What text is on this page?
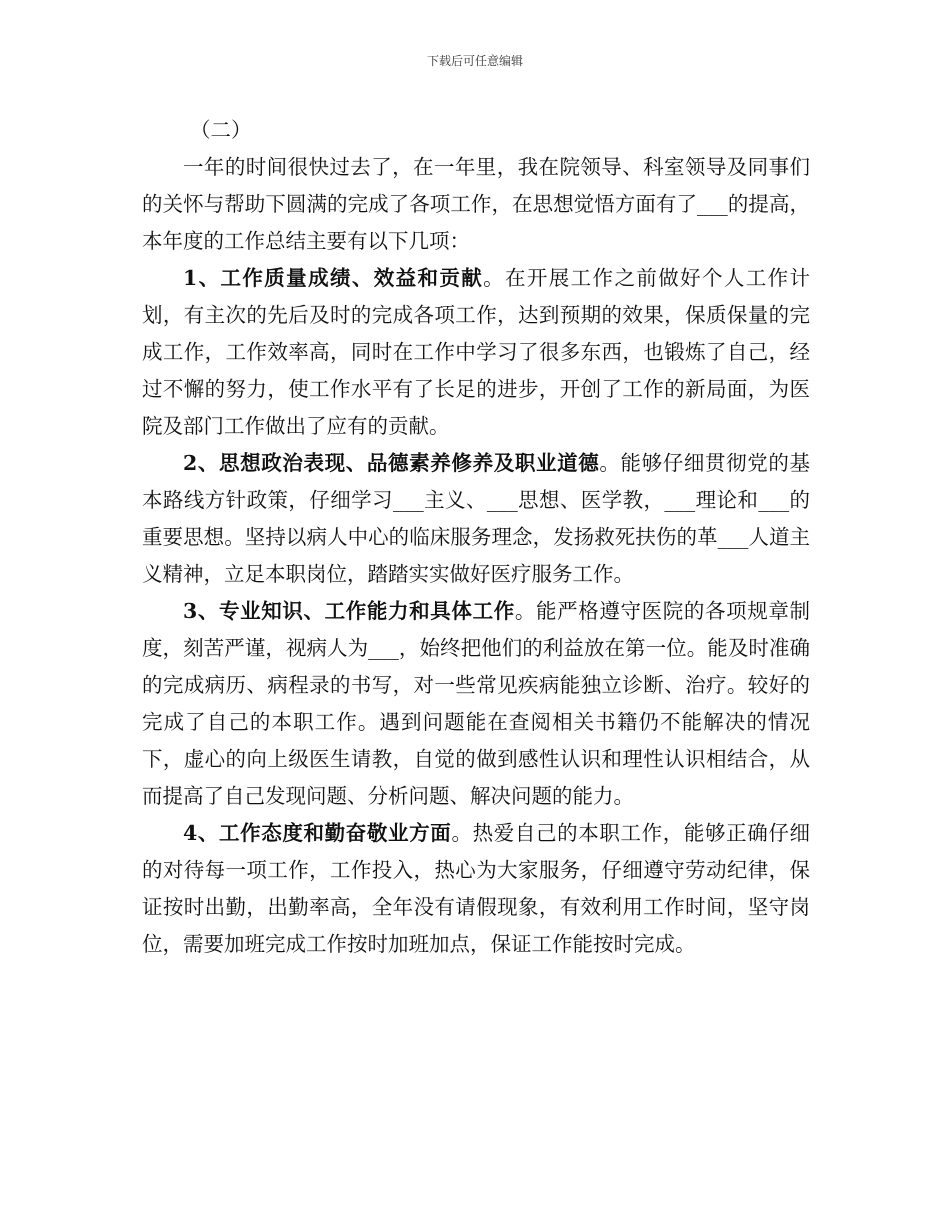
下载后可任意编辑

（二）

一年的时间很快过去了，在一年里，我在院领导、科室领导及同事们的关怀与帮助下圆满的完成了各项工作，在思想觉悟方面有了___的提高，本年度的工作总结主要有以下几项：

1、工作质量成绩、效益和贡献。在开展工作之前做好个人工作计划，有主次的先后及时的完成各项工作，达到预期的效果，保质保量的完成工作，工作效率高，同时在工作中学习了很多东西，也锻炼了自己，经过不懈的努力，使工作水平有了长足的进步，开创了工作的新局面，为医院及部门工作做出了应有的贡献。

2、思想政治表现、品德素养修养及职业道德。能够仔细贯彻党的基本路线方针政策，仔细学习___主义、___思想、医学教，___理论和___的重要思想。坚持以病人中心的临床服务理念，发扬救死扶伤的革___人道主义精神，立足本职岗位，踏踏实实做好医疗服务工作。

3、专业知识、工作能力和具体工作。能严格遵守医院的各项规章制度，刻苦严谨，视病人为___，始终把他们的利益放在第一位。能及时准确的完成病历、病程录的书写，对一些常见疾病能独立诊断、治疗。较好的完成了自己的本职工作。遇到问题能在查阅相关书籍仍不能解决的情况下，虚心的向上级医生请教，自觉的做到感性认识和理性认识相结合，从而提高了自己发现问题、分析问题、解决问题的能力。

4、工作态度和勤奋敬业方面。热爱自己的本职工作，能够正确仔细的对待每一项工作，工作投入，热心为大家服务，仔细遵守劳动纪律，保证按时出勤，出勤率高，全年没有请假现象，有效利用工作时间，坚守岗位，需要加班完成工作按时加班加点，保证工作能按时完成。
